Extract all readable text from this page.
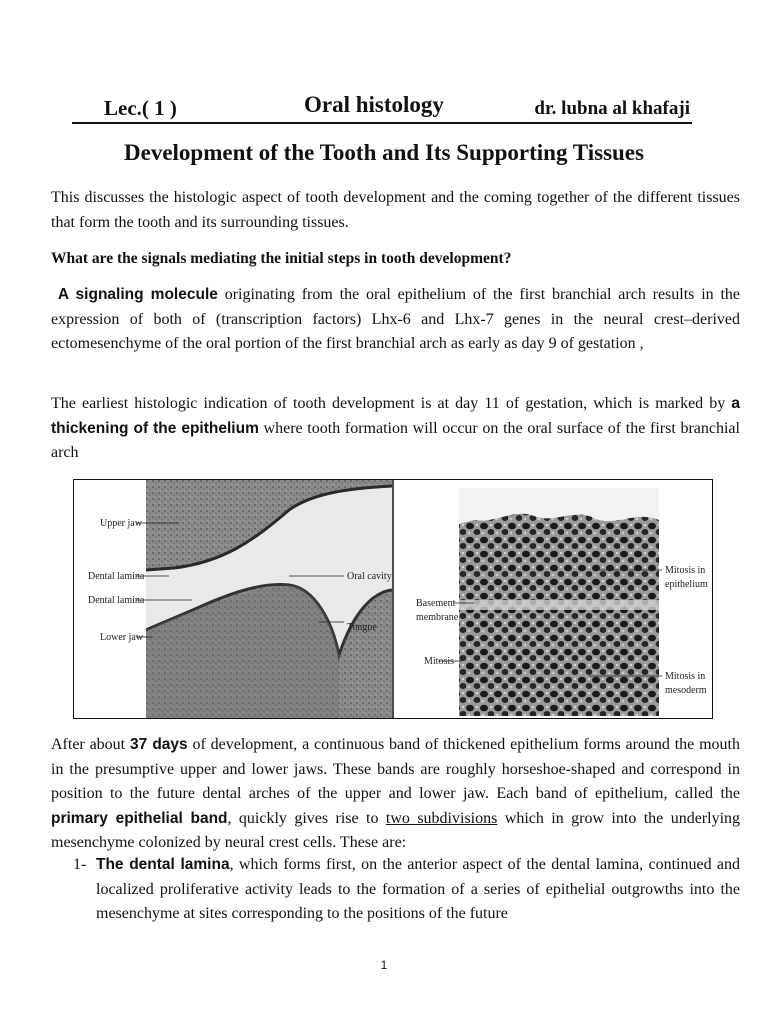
Lec.( 1 )	Oral histology	dr. lubna al khafaji
Development of the Tooth and Its Supporting Tissues
This discusses the histologic aspect of tooth development and the coming together of the different tissues that form the tooth and its surrounding tissues.
What are the signals mediating the initial steps in tooth development?
A signaling molecule originating from the oral epithelium of the first branchial arch results in the expression of both of (transcription factors) Lhx-6 and Lhx-7 genes in the neural crest–derived ectomesenchyme of the oral portion of the first branchial arch as early as day 9 of gestation ,
The earliest histologic indication of tooth development is at day 11 of gestation, which is marked by a thickening of the epithelium where tooth formation will occur on the oral surface of the first branchial arch
Upper jaw
Dental lamina
Dental lamina
Lower jaw
Oral cavity
Tongue
Basement
membrane
Mitosis
Mitosis in
epithelium
Mitosis in
mesoderm
After about 37 days of development, a continuous band of thickened epithelium forms around the mouth in the presumptive upper and lower jaws. These bands are roughly horseshoe-shaped and correspond in position to the future dental arches of the upper and lower jaw. Each band of epithelium, called the primary epithelial band, quickly gives rise to two subdivisions which in grow into the underlying mesenchyme colonized by neural crest cells. These are:
1- The dental lamina, which forms first, on the anterior aspect of the dental lamina, continued and localized proliferative activity leads to the formation of a series of epithelial outgrowths into the mesenchyme at sites corresponding to the positions of the future
1
